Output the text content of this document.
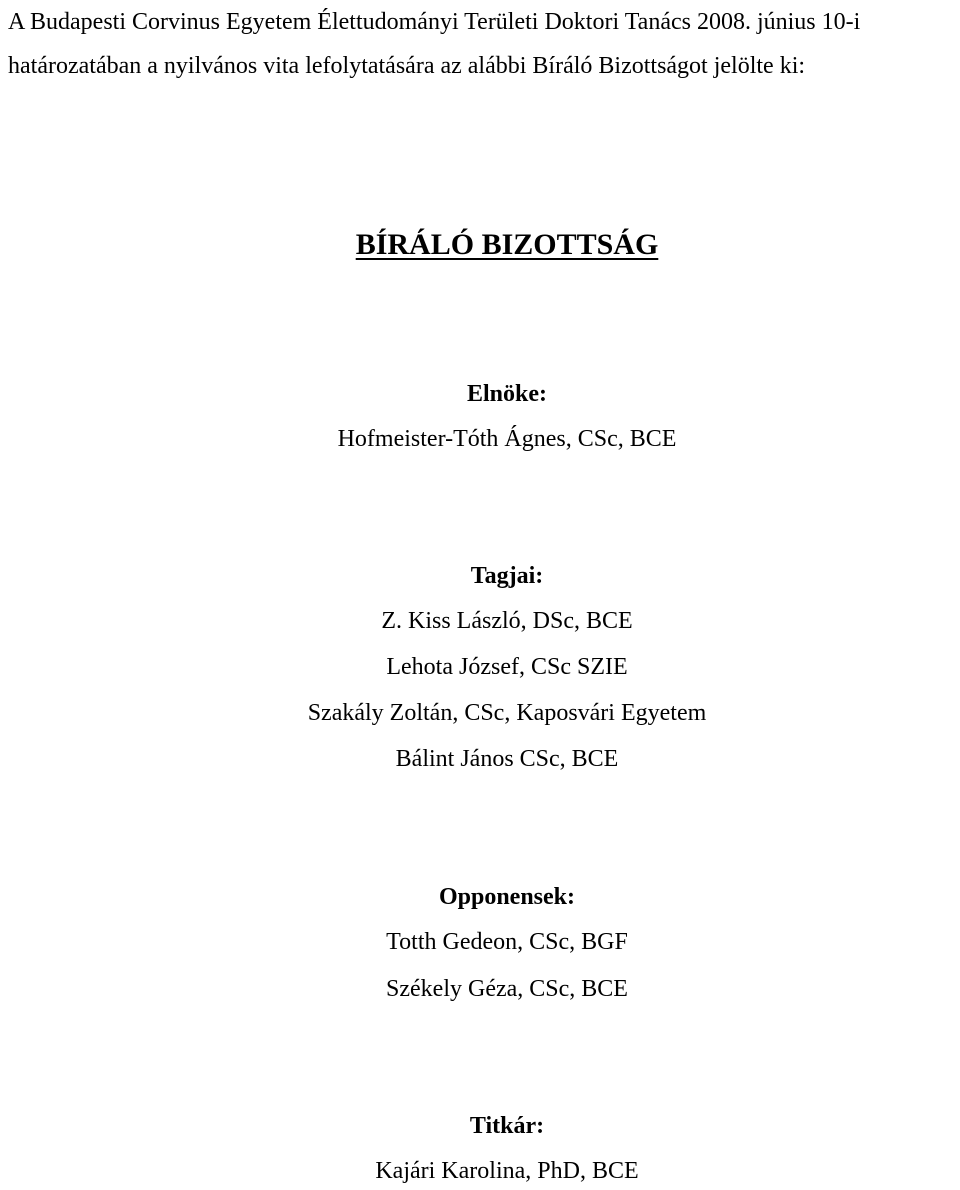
A Budapesti Corvinus Egyetem Élettudományi Területi Doktori Tanács 2008. június 10-i

határozatában a nyilvános vita lefolytatására az alábbi Bíráló Bizottságot jelölte ki:

BÍRÁLÓ BIZOTTSÁG

Elnöke:

Hofmeister-Tóth Ágnes, CSc, BCE

Tagjai:

Z. Kiss László, DSc, BCE

Lehota József, CSc SZIE

Szakály Zoltán, CSc, Kaposvári Egyetem

Bálint János CSc, BCE

Opponensek:

Totth Gedeon, CSc, BGF

Székely Géza, CSc, BCE

Titkár:

Kajári Karolina, PhD, BCE
